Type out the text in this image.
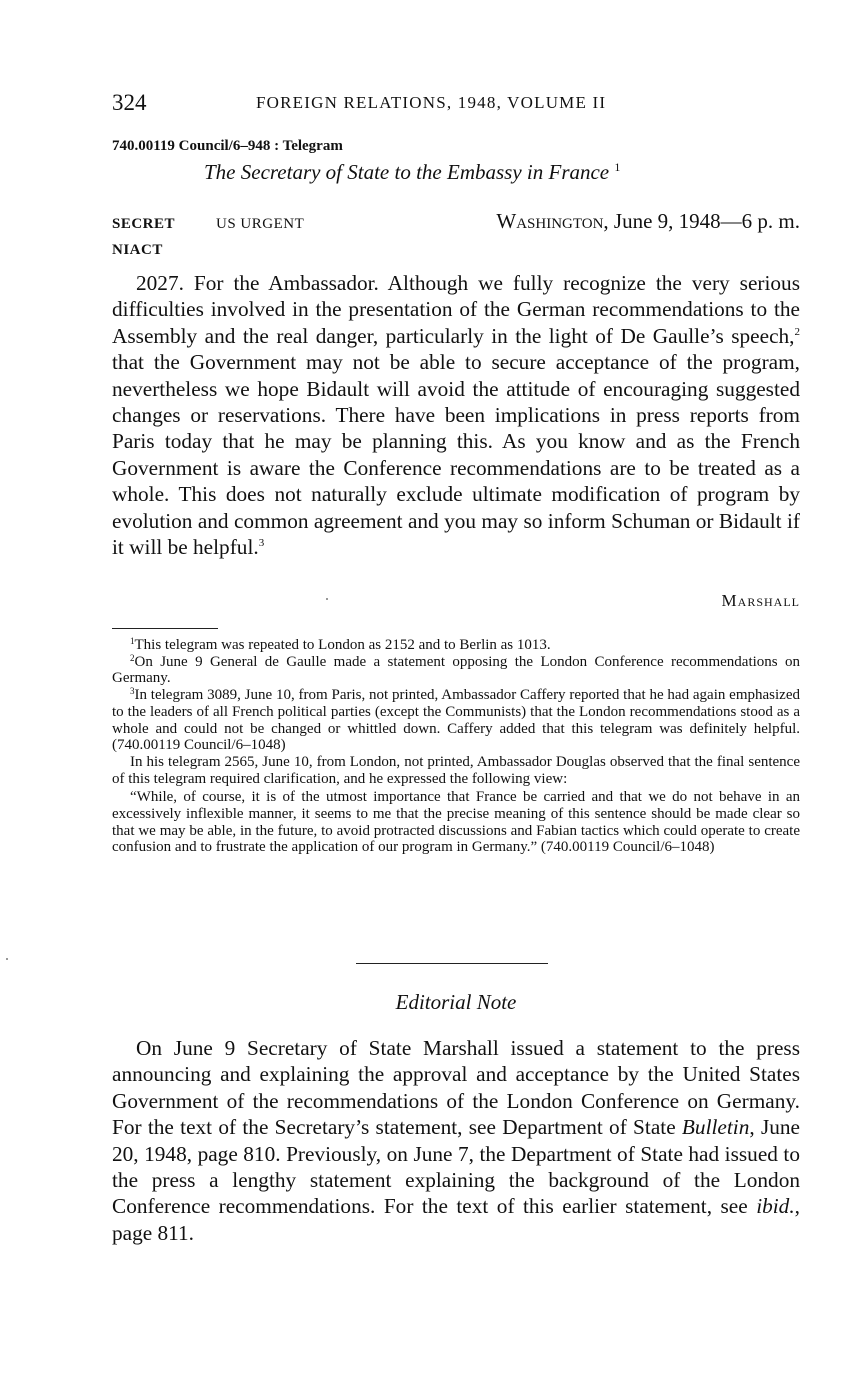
324	FOREIGN RELATIONS, 1948, VOLUME II
740.00119 Council/6–948 : Telegram
The Secretary of State to the Embassy in France $^1$
SECRET	US URGENT	Washington, June 9, 1948—6 p. m.
NIACT

2027. For the Ambassador. Although we fully recognize the very serious difficulties involved in the presentation of the German recommendations to the Assembly and the real danger, particularly in the light of De Gaulle’s speech,$^2$ that the Government may not be able to secure acceptance of the program, nevertheless we hope Bidault will avoid the attitude of encouraging suggested changes or reservations. There have been implications in press reports from Paris today that he may be planning this. As you know and as the French Government is aware the Conference recommendations are to be treated as a whole. This does not naturally exclude ultimate modification of program by evolution and common agreement and you may so inform Schuman or Bidault if it will be helpful.$^3$

Marshall

$^1$This telegram was repeated to London as 2152 and to Berlin as 1013.

$^2$On June 9 General de Gaulle made a statement opposing the London Conference recommendations on Germany.

$^3$In telegram 3089, June 10, from Paris, not printed, Ambassador Caffery reported that he had again emphasized to the leaders of all French political parties (except the Communists) that the London recommendations stood as a whole and could not be changed or whittled down. Caffery added that this telegram was definitely helpful. (740.00119 Council/6–1048)

In his telegram 2565, June 10, from London, not printed, Ambassador Douglas observed that the final sentence of this telegram required clarification, and he expressed the following view:

“While, of course, it is of the utmost importance that France be carried and that we do not behave in an excessively inflexible manner, it seems to me that the precise meaning of this sentence should be made clear so that we may be able, in the future, to avoid protracted discussions and Fabian tactics which could operate to create confusion and to frustrate the application of our program in Germany.” (740.00119 Council/6–1048)

Editorial Note

On June 9 Secretary of State Marshall issued a statement to the press announcing and explaining the approval and acceptance by the United States Government of the recommendations of the London Conference on Germany. For the text of the Secretary’s statement, see Department of State Bulletin, June 20, 1948, page 810. Previously, on June 7, the Department of State had issued to the press a lengthy statement explaining the background of the London Conference recommendations. For the text of this earlier statement, see ibid., page 811.
